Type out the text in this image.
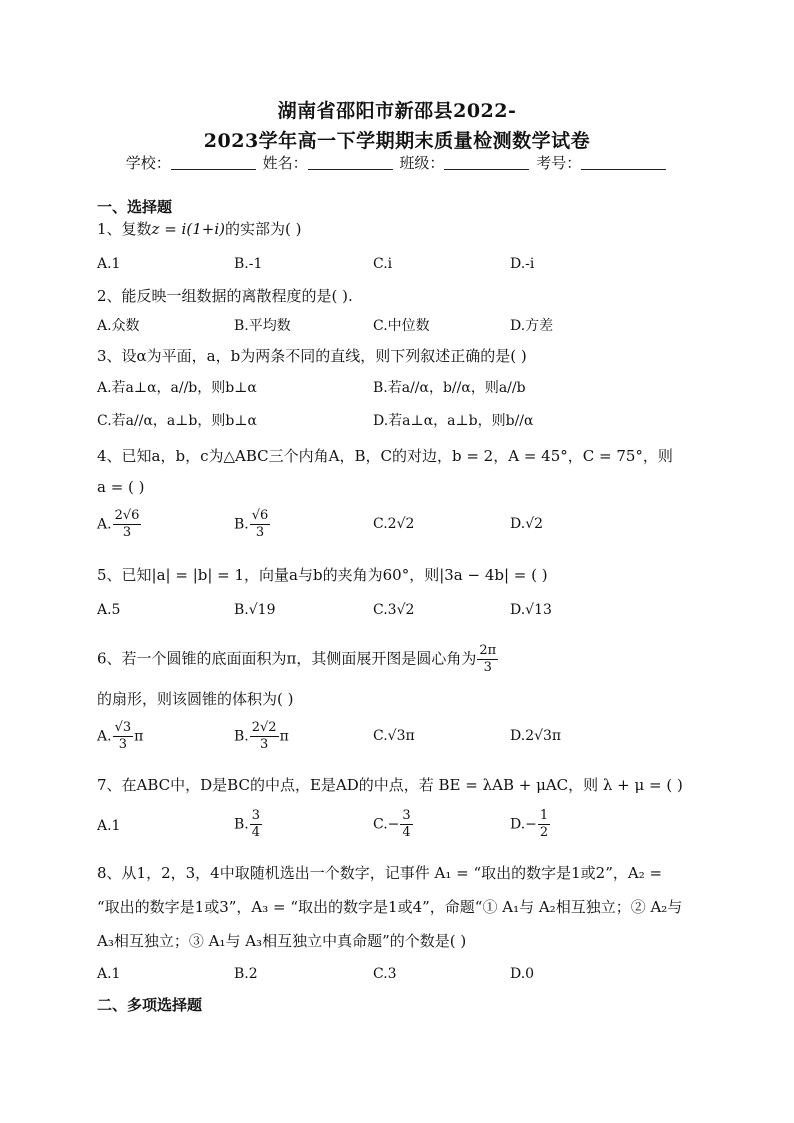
湖南省邵阳市新邵县2022-
2023学年高一下学期期末质量检测数学试卷
学校：	姓名：	班级：	考号：
一、选择题
1、复数z = i(1+i)的实部为( )
A.1	B.-1	C.i	D.-i
2、能反映一组数据的离散程度的是( ).
A.众数	B.平均数	C.中位数	D.方差
3、设α为平面，a，b为两条不同的直线，则下列叙述正确的是( )
A.若a⊥α，a//b，则b⊥α	B.若a//α，b//α，则a//b
C.若a//α，a⊥b，则b⊥α	D.若a⊥α，a⊥b，则b//α
4、已知a，b，c为△ABC三个内角A，B，C的对边，b = 2，A = 45°，C = 75°，则
a = ( )
A. $\frac{2√6}{3}$	B. $\frac{√6}{3}$	C.2√2	D.√2
5、已知|a| = |b| = 1，向量a与b的夹角为60°，则|3a − 4b| = ( )
A.5	B.√19	C.3√2	D.√13
6、若一个圆锥的底面面积为π，其侧面展开图是圆心角为 $\frac{2\pi}{3}$
的扇形，则该圆锥的体积为( )
A. $\frac{√3}{3}$ π	B. $\frac{2√2}{3}$ π	C.√3π	D.2√3π
7、在ABC中，D是BC的中点，E是AD的中点，若 BE = λAB + μAC，则 λ + μ = ( )
A.1	B. $\frac{3}{4}$	$C.- \frac{3}{4}$	$D.- \frac{1}{2}$
8、从1，2，3，4中取随机选出一个数字，记事件 A₁ = “取出的数字是1或2”，A₂ =
“取出的数字是1或3”，A₃ = “取出的数字是1或4”，命题“① A₁与 A₂相互独立；② A₂与
A₃相互独立；③ A₁与 A₃相互独立中真命题”的个数是( )
A.1	B.2	C.3	D.0
二、多项选择题
